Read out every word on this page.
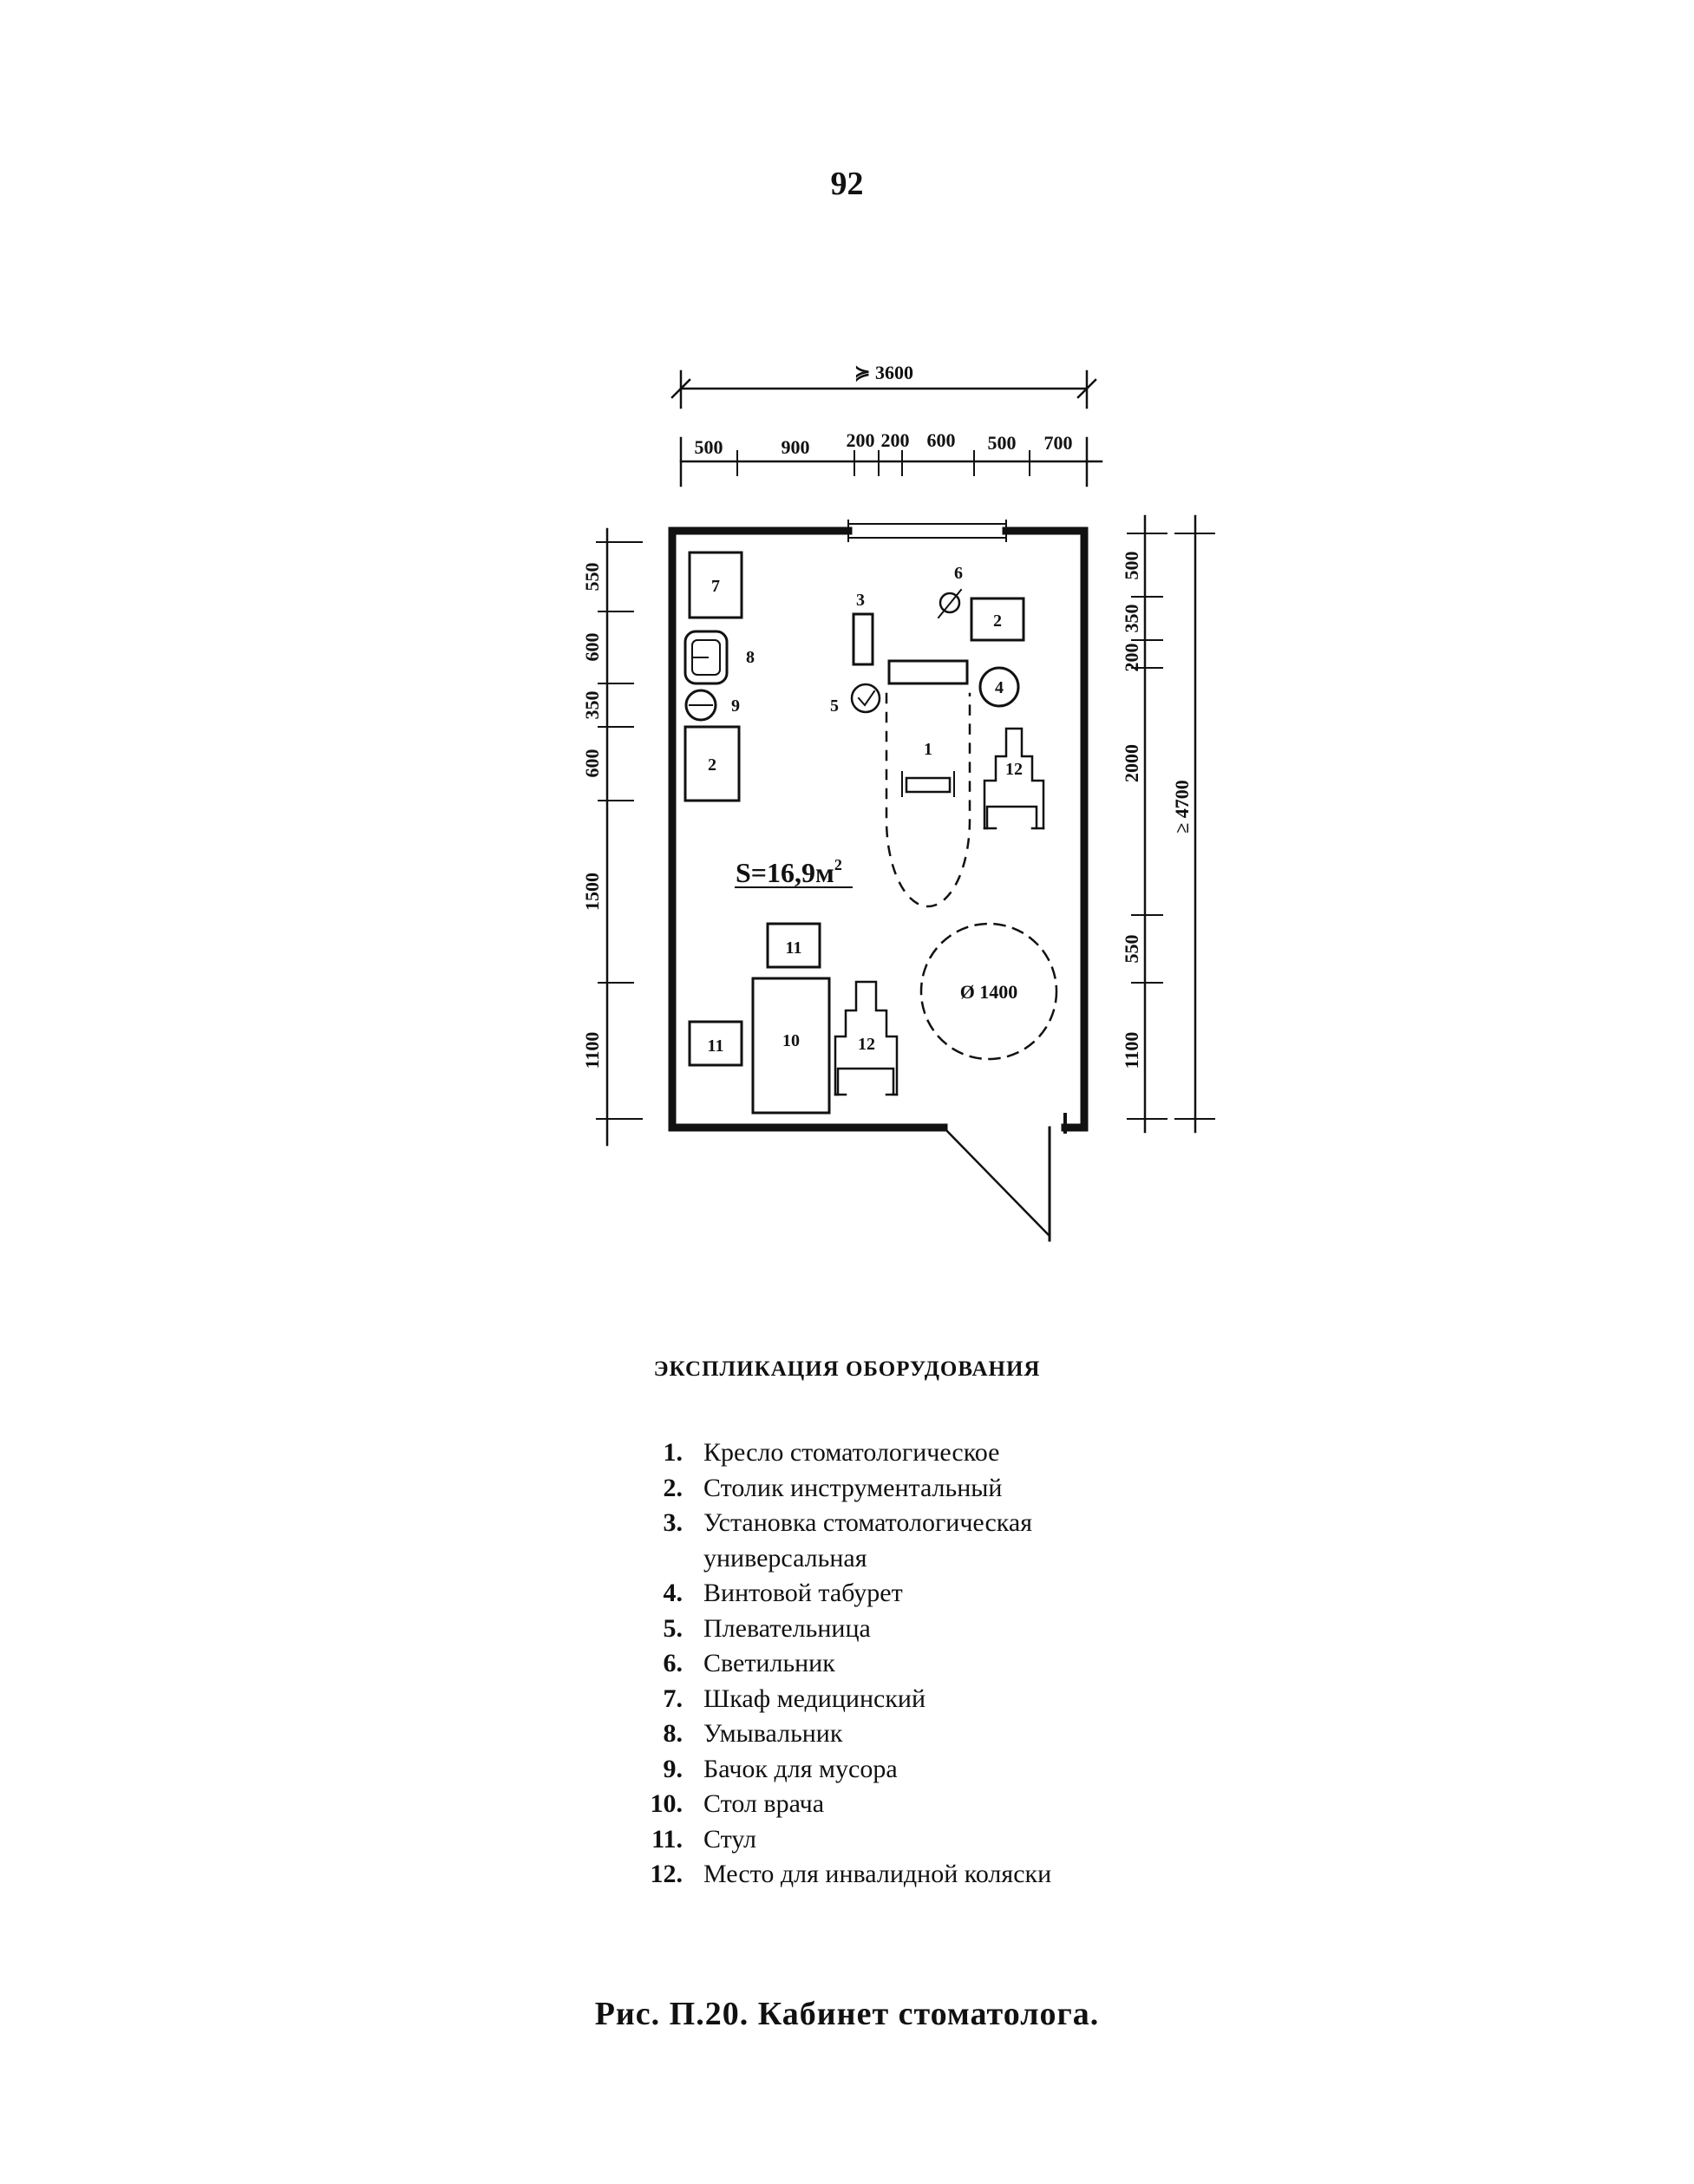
92
≽ 3600
500	900 200 200 600 500 700
550
600
350
600
1500
1100
500
350
200
2000
550
1100
≥ 4700
7
8
9
2
3
6
2
5
4
1
12
11
11	10	12
Ø 1400
$S=16,9м^2$
ЭКСПЛИКАЦИЯ ОБОРУДОВАНИЯ
1. Кресло стоматологическое
2. Столик инструментальный
3. Установка стоматологическая универсальная
4. Винтовой табурет
5. Плевательница
6. Светильник
7. Шкаф медицинский
8. Умывальник
9. Бачок для мусора
10. Стол врача
11. Стул
12. Место для инвалидной коляски
Рис. П.20. Кабинет стоматолога.
